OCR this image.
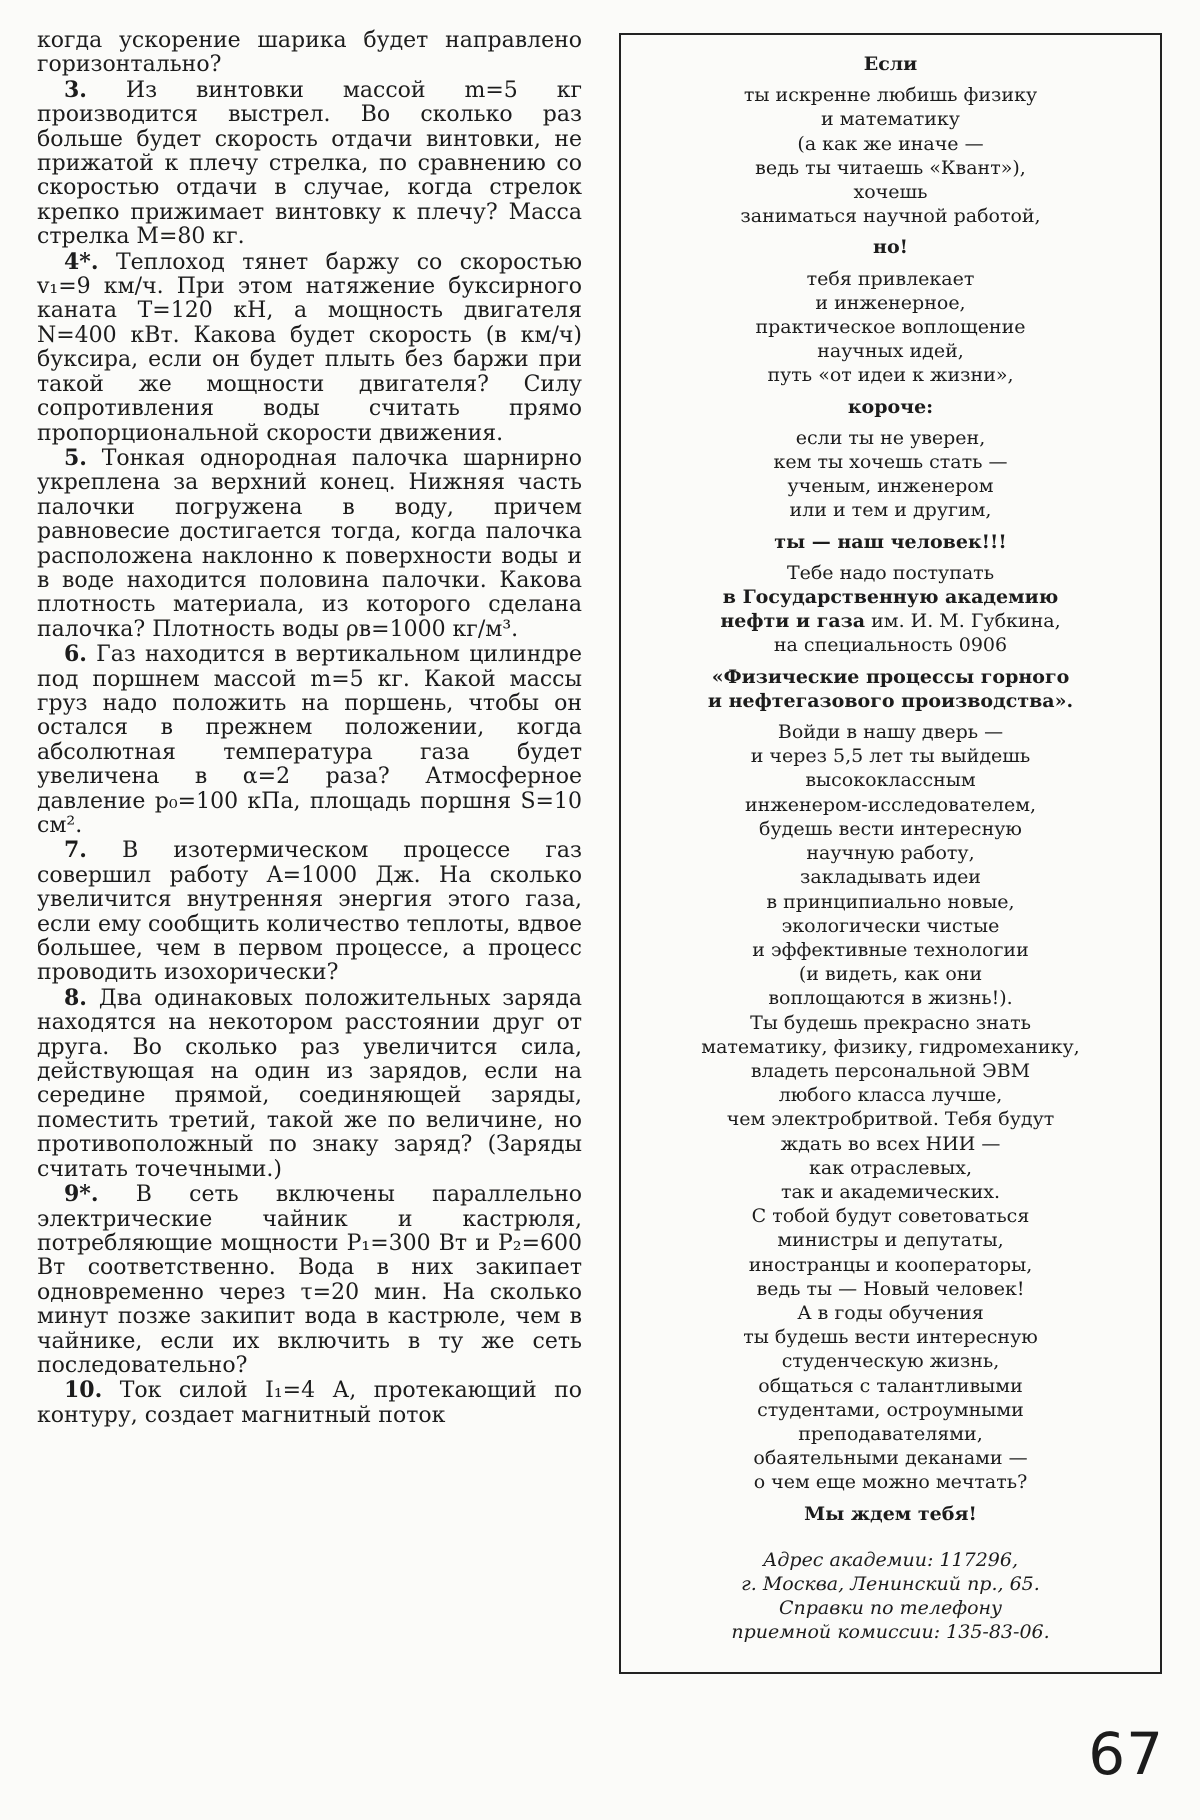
когда ускорение шарика будет направлено горизонтально?

3. Из винтовки массой m=5 кг производится выстрел. Во сколько раз больше будет скорость отдачи винтовки, не прижатой к плечу стрелка, по сравнению со скоростью отдачи в случае, когда стрелок крепко прижимает винтовку к плечу? Масса стрелка M=80 кг.

4*. Теплоход тянет баржу со скоростью v₁=9 км/ч. При этом натяжение буксирного каната T=120 кН, а мощность двигателя N=400 кВт. Какова будет скорость (в км/ч) буксира, если он будет плыть без баржи при такой же мощности двигателя? Силу сопротивления воды считать прямо пропорциональной скорости движения.

5. Тонкая однородная палочка шарнирно укреплена за верхний конец. Нижняя часть палочки погружена в воду, причем равновесие достигается тогда, когда палочка расположена наклонно к поверхности воды и в воде находится половина палочки. Какова плотность материала, из которого сделана палочка? Плотность воды ρв=1000 кг/м³.

6. Газ находится в вертикальном цилиндре под поршнем массой m=5 кг. Какой массы груз надо положить на поршень, чтобы он остался в прежнем положении, когда абсолютная температура газа будет увеличена в α=2 раза? Атмосферное давление p₀=100 кПа, площадь поршня S=10 см².

7. В изотермическом процессе газ совершил работу A=1000 Дж. На сколько увеличится внутренняя энергия этого газа, если ему сообщить количество теплоты, вдвое большее, чем в первом процессе, а процесс проводить изохорически?

8. Два одинаковых положительных заряда находятся на некотором расстоянии друг от друга. Во сколько раз увеличится сила, действующая на один из зарядов, если на середине прямой, соединяющей заряды, поместить третий, такой же по величине, но противоположный по знаку заряд? (Заряды считать точечными.)

9*. В сеть включены параллельно электрические чайник и кастрюля, потребляющие мощности P₁=300 Вт и P₂=600 Вт соответственно. Вода в них закипает одновременно через τ=20 мин. На сколько минут позже закипит вода в кастрюле, чем в чайнике, если их включить в ту же сеть последовательно?

10. Ток силой I₁=4 А, протекающий по контуру, создает магнитный поток

Если

ты искренне любишь физику

и математику

(а как же иначе —

ведь ты читаешь «Квант»),

хочешь

заниматься научной работой,

но!

тебя привлекает

и инженерное,

практическое воплощение

научных идей,

путь «от идеи к жизни»,

короче:

если ты не уверен,

кем ты хочешь стать —

ученым, инженером

или и тем и другим,

ты — наш человек!!!

Тебе надо поступать

в Государственную академию

нефти и газа им. И. М. Губкина,

на специальность 0906

«Физические процессы горного

и нефтегазового производства».

Войди в нашу дверь —

и через 5,5 лет ты выйдешь

высококлассным

инженером-исследователем,

будешь вести интересную

научную работу,

закладывать идеи

в принципиально новые,

экологически чистые

и эффективные технологии

(и видеть, как они

воплощаются в жизнь!).

Ты будешь прекрасно знать

математику, физику, гидромеханику,

владеть персональной ЭВМ

любого класса лучше,

чем электробритвой. Тебя будут

ждать во всех НИИ —

как отраслевых,

так и академических.

С тобой будут советоваться

министры и депутаты,

иностранцы и кооператоры,

ведь ты — Новый человек!

А в годы обучения

ты будешь вести интересную

студенческую жизнь,

общаться с талантливыми

студентами, остроумными

преподавателями,

обаятельными деканами —

о чем еще можно мечтать?

Мы ждем тебя!

Адрес академии: 117296,

г. Москва, Ленинский пр., 65.

Справки по телефону

приемной комиссии: 135-83-06.

67
